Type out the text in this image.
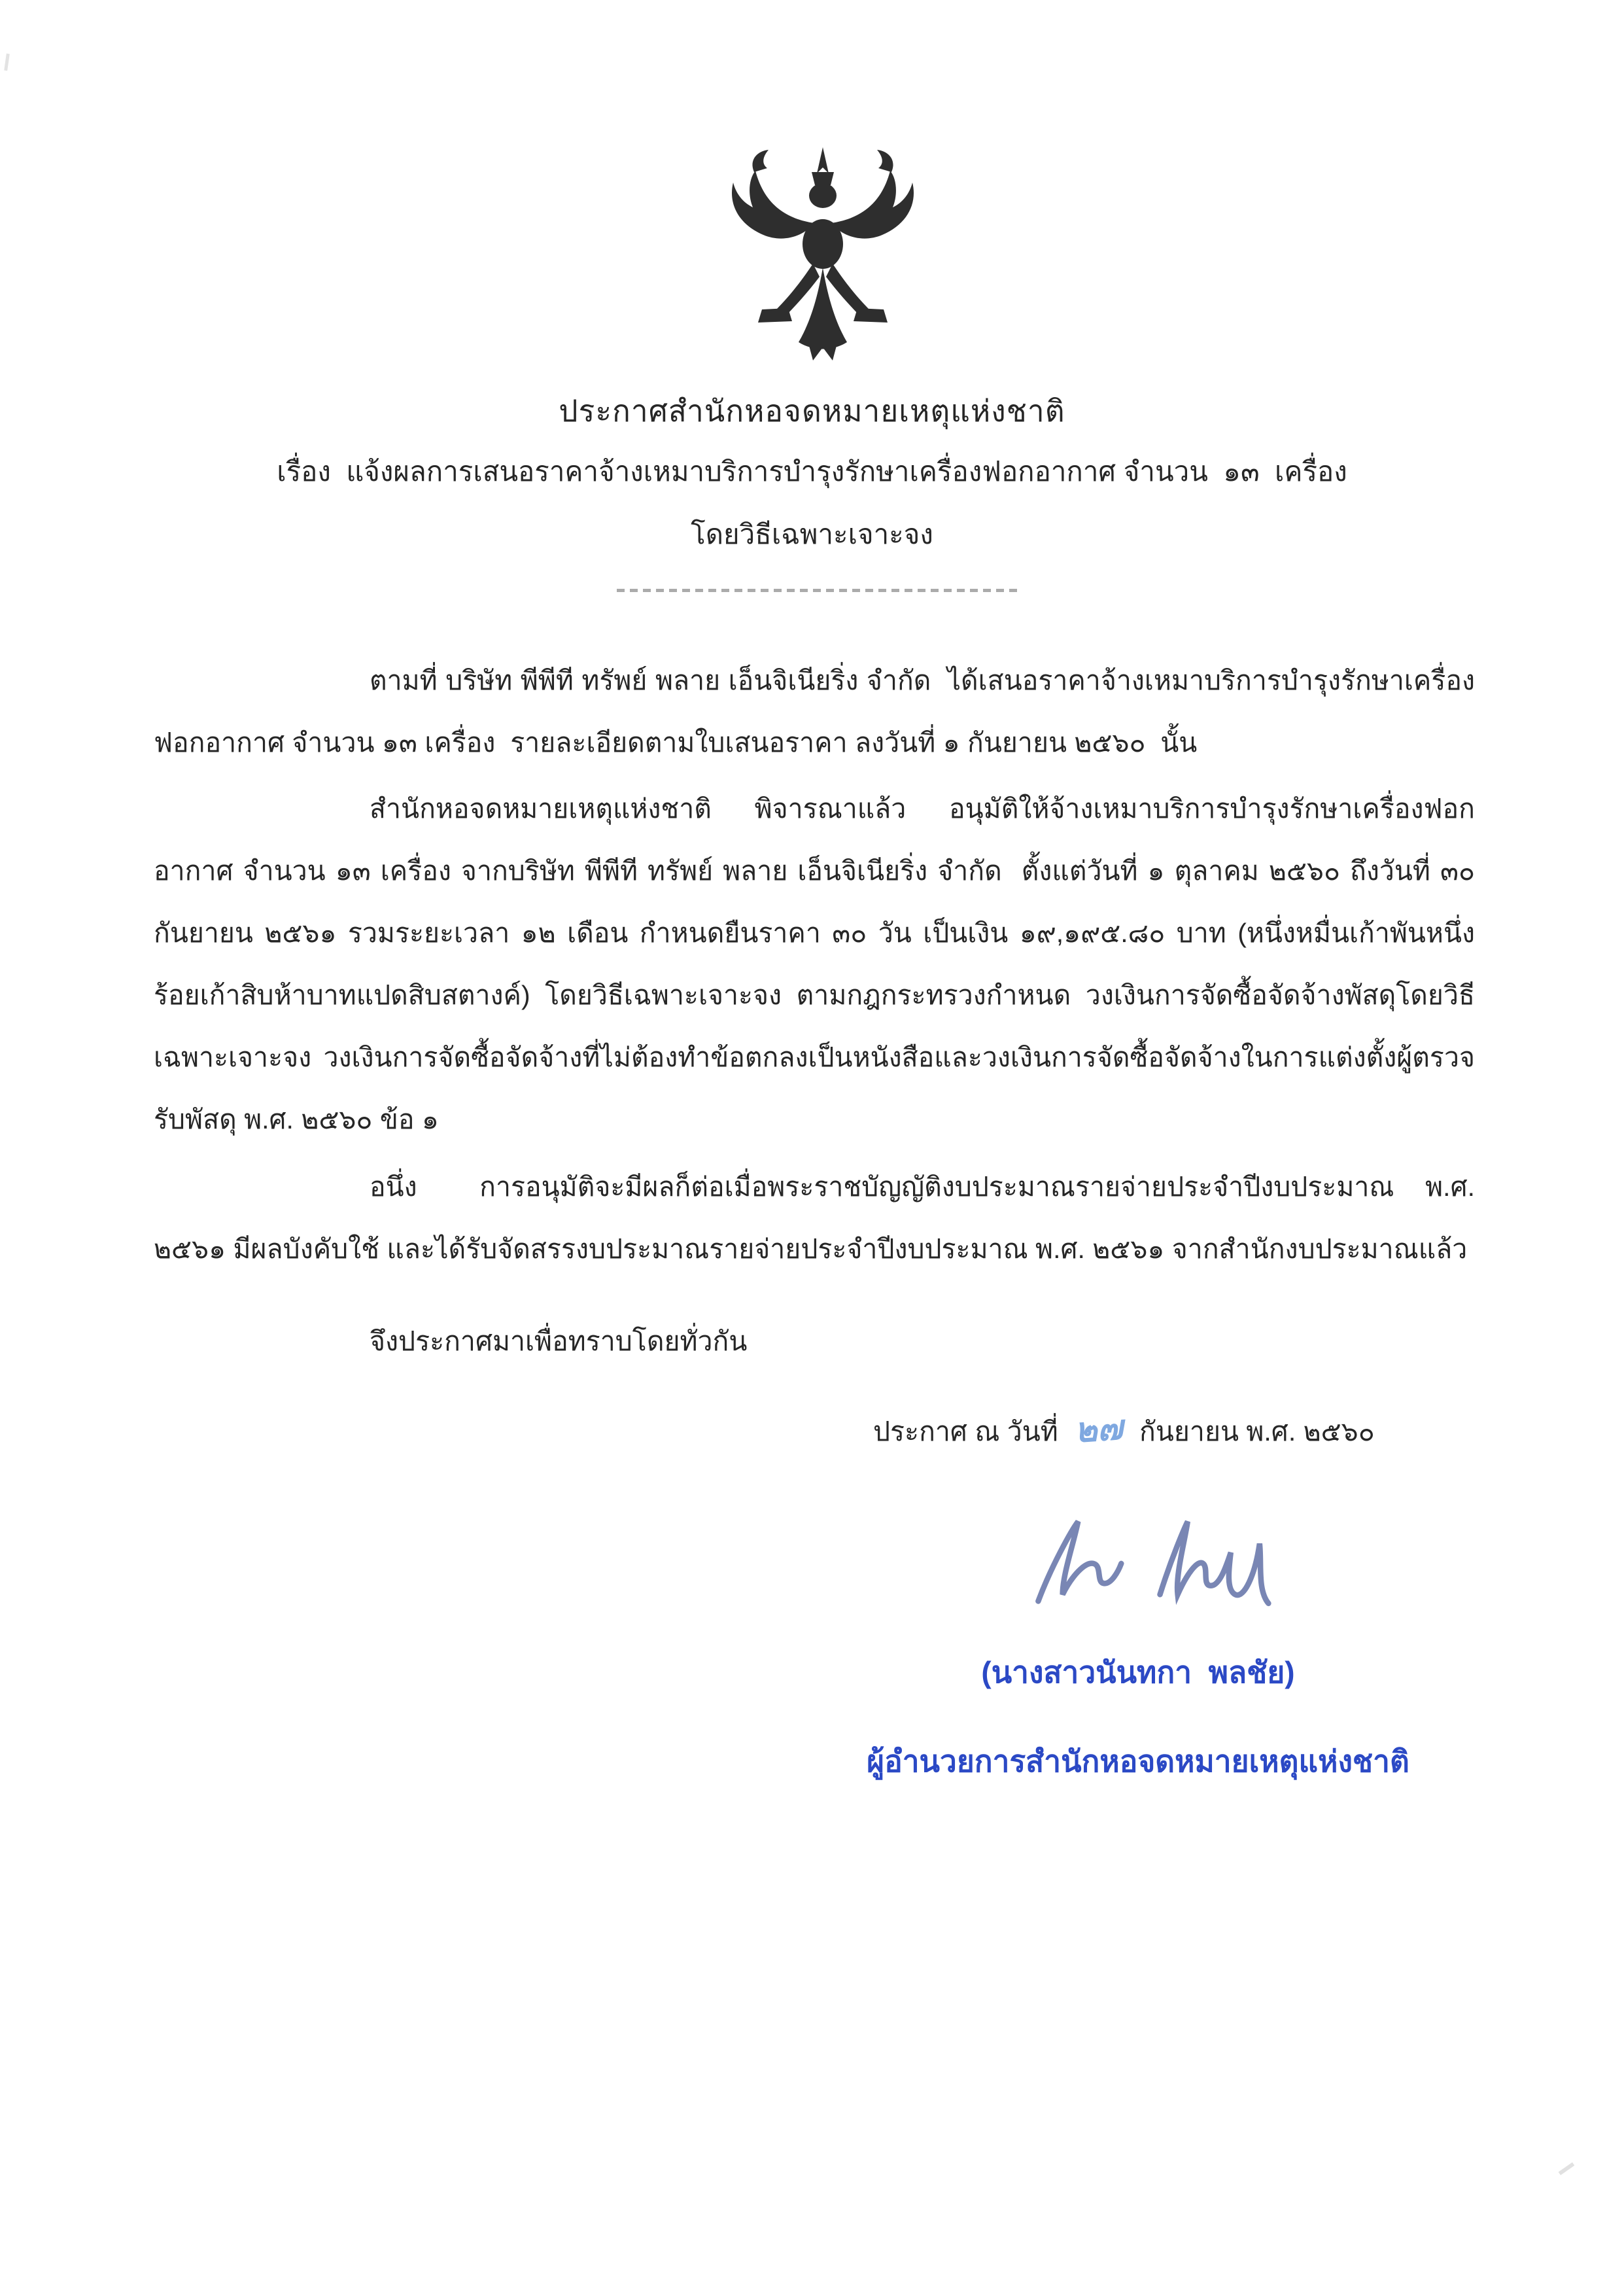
ประกาศสำนักหอจดหมายเหตุแห่งชาติ
เรื่อง  แจ้งผลการเสนอราคาจ้างเหมาบริการบำรุงรักษาเครื่องฟอกอากาศ จำนวน  ๑๓  เครื่อง
โดยวิธีเฉพาะเจาะจง

ตามที่ บริษัท พีพีที ทรัพย์ พลาย เอ็นจิเนียริ่ง จำกัด  ได้เสนอราคาจ้างเหมาบริการบำรุงรักษาเครื่องฟอกอากาศ จำนวน ๑๓ เครื่อง  รายละเอียดตามใบเสนอราคา ลงวันที่ ๑ กันยายน ๒๕๖๐  นั้น

สำนักหอจดหมายเหตุแห่งชาติ พิจารณาแล้ว อนุมัติให้จ้างเหมาบริการบำรุงรักษาเครื่องฟอกอากาศ จำนวน ๑๓ เครื่อง จากบริษัท พีพีที ทรัพย์ พลาย เอ็นจิเนียริ่ง จำกัด  ตั้งแต่วันที่ ๑ ตุลาคม ๒๕๖๐ ถึงวันที่ ๓๐ กันยายน ๒๕๖๑ รวมระยะเวลา ๑๒ เดือน กำหนดยืนราคา ๓๐ วัน เป็นเงิน ๑๙,๑๙๕.๘๐ บาท (หนึ่งหมื่นเก้าพันหนึ่งร้อยเก้าสิบห้าบาทแปดสิบสตางค์) โดยวิธีเฉพาะเจาะจง ตามกฎกระทรวงกำหนด วงเงินการจัดซื้อจัดจ้างพัสดุโดยวิธีเฉพาะเจาะจง วงเงินการจัดซื้อจัดจ้างที่ไม่ต้องทำข้อตกลงเป็นหนังสือและวงเงินการจัดซื้อจัดจ้างในการแต่งตั้งผู้ตรวจรับพัสดุ พ.ศ. ๒๕๖๐ ข้อ ๑

อนึ่ง  การอนุมัติจะมีผลก็ต่อเมื่อพระราชบัญญัติงบประมาณรายจ่ายประจำปีงบประมาณ พ.ศ. ๒๕๖๑ มีผลบังคับใช้ และได้รับจัดสรรงบประมาณรายจ่ายประจำปีงบประมาณ พ.ศ. ๒๕๖๑ จากสำนักงบประมาณแล้ว

จึงประกาศมาเพื่อทราบโดยทั่วกัน
ประกาศ ณ วันที่ ๒๗ กันยายน พ.ศ. ๒๕๖๐
(นางสาวนันทกา  พลชัย)
ผู้อำนวยการสำนักหอจดหมายเหตุแห่งชาติ
